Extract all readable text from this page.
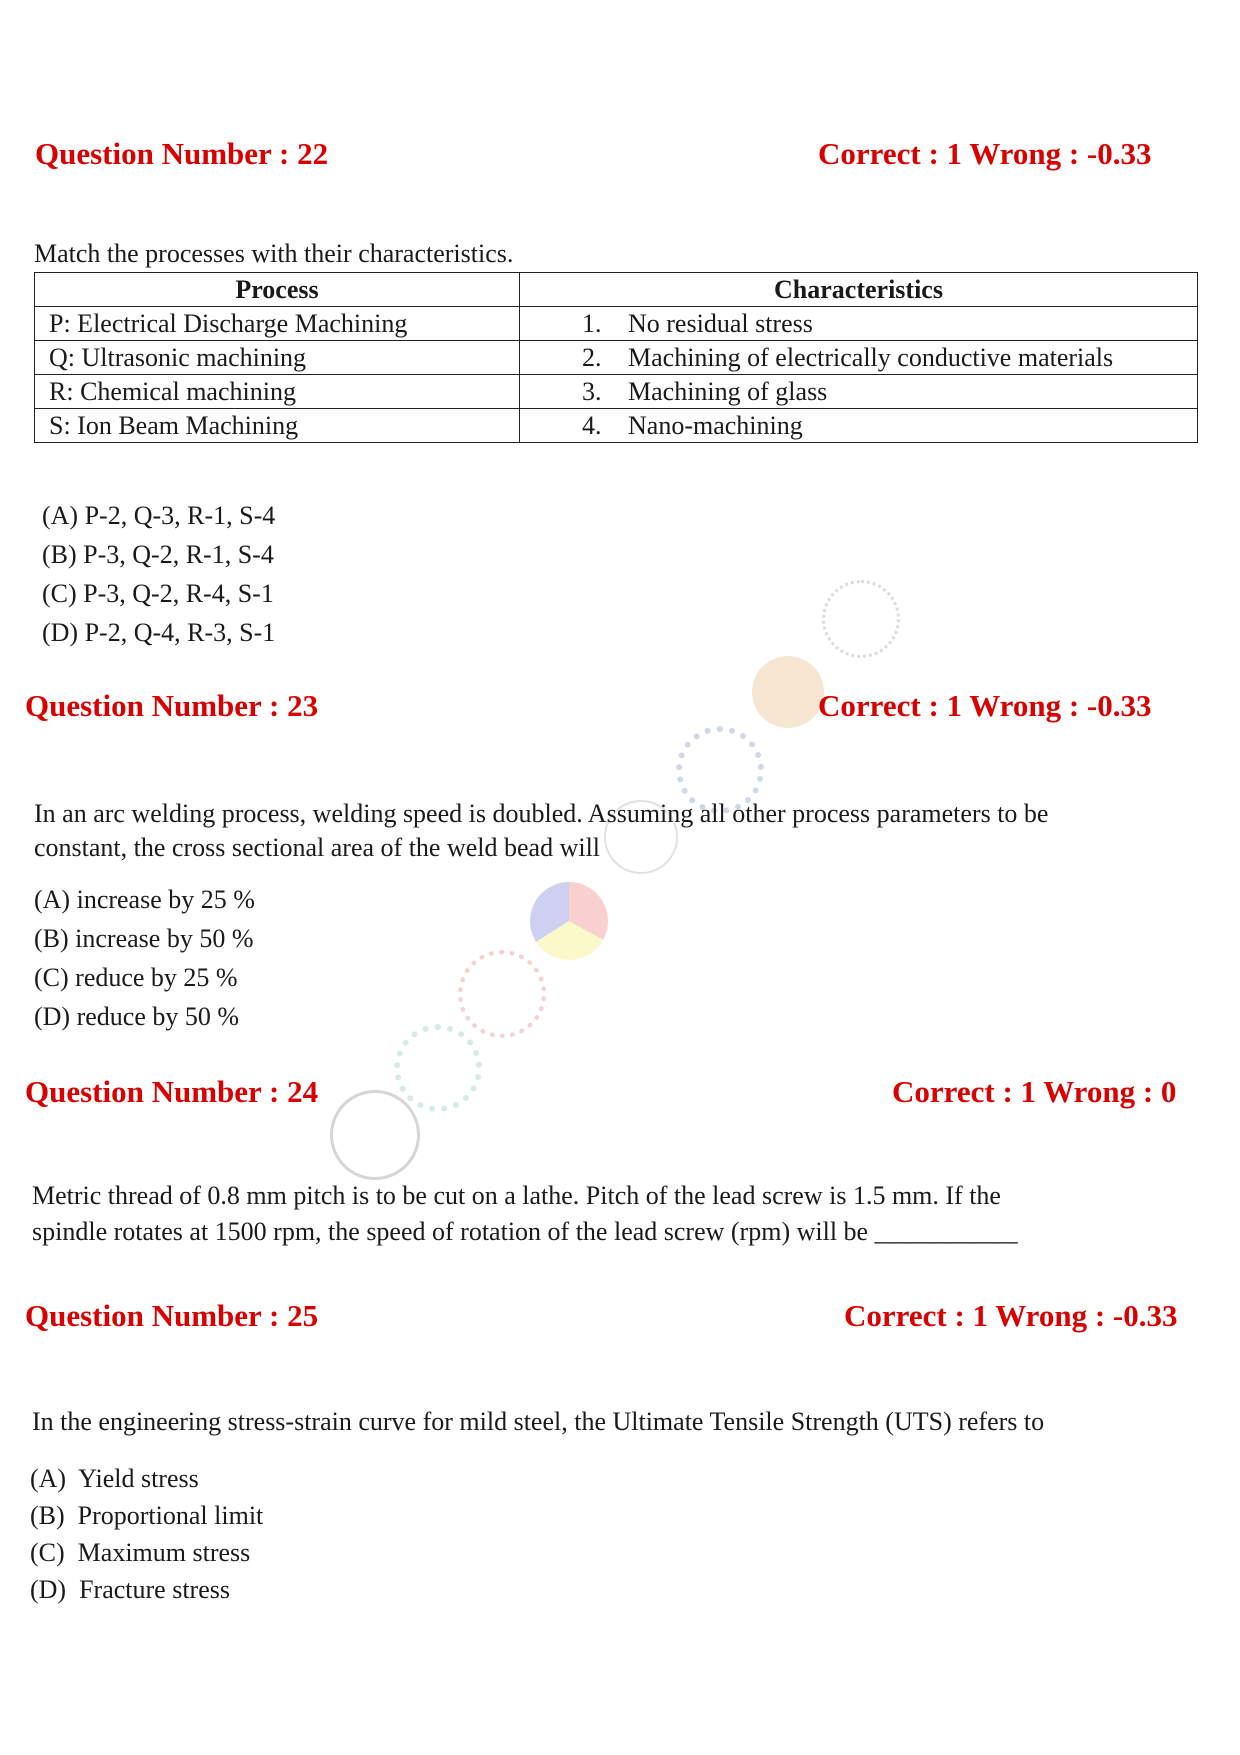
Question Number : 22	Correct : 1 Wrong : -0.33
Match the processes with their characteristics.
Process	Characteristics
P: Electrical Discharge Machining	1. No residual stress
Q: Ultrasonic machining	2. Machining of electrically conductive materials
R: Chemical machining	3. Machining of glass
S: Ion Beam Machining	4. Nano-machining
(A) P-2, Q-3, R-1, S-4
(B) P-3, Q-2, R-1, S-4
(C) P-3, Q-2, R-4, S-1
(D) P-2, Q-4, R-3, S-1
Question Number : 23	Correct : 1 Wrong : -0.33
In an arc welding process, welding speed is doubled. Assuming all other process parameters to be
constant, the cross sectional area of the weld bead will
(A) increase by 25 %
(B) increase by 50 %
(C) reduce by 25 %
(D) reduce by 50 %
Question Number : 24	Correct : 1 Wrong : 0
Metric thread of 0.8 mm pitch is to be cut on a lathe. Pitch of the lead screw is 1.5 mm. If the
spindle rotates at 1500 rpm, the speed of rotation of the lead screw (rpm) will be ___________
Question Number : 25	Correct : 1 Wrong : -0.33
In the engineering stress-strain curve for mild steel, the Ultimate Tensile Strength (UTS) refers to
(A)  Yield stress
(B)  Proportional limit
(C)  Maximum stress
(D)  Fracture stress
